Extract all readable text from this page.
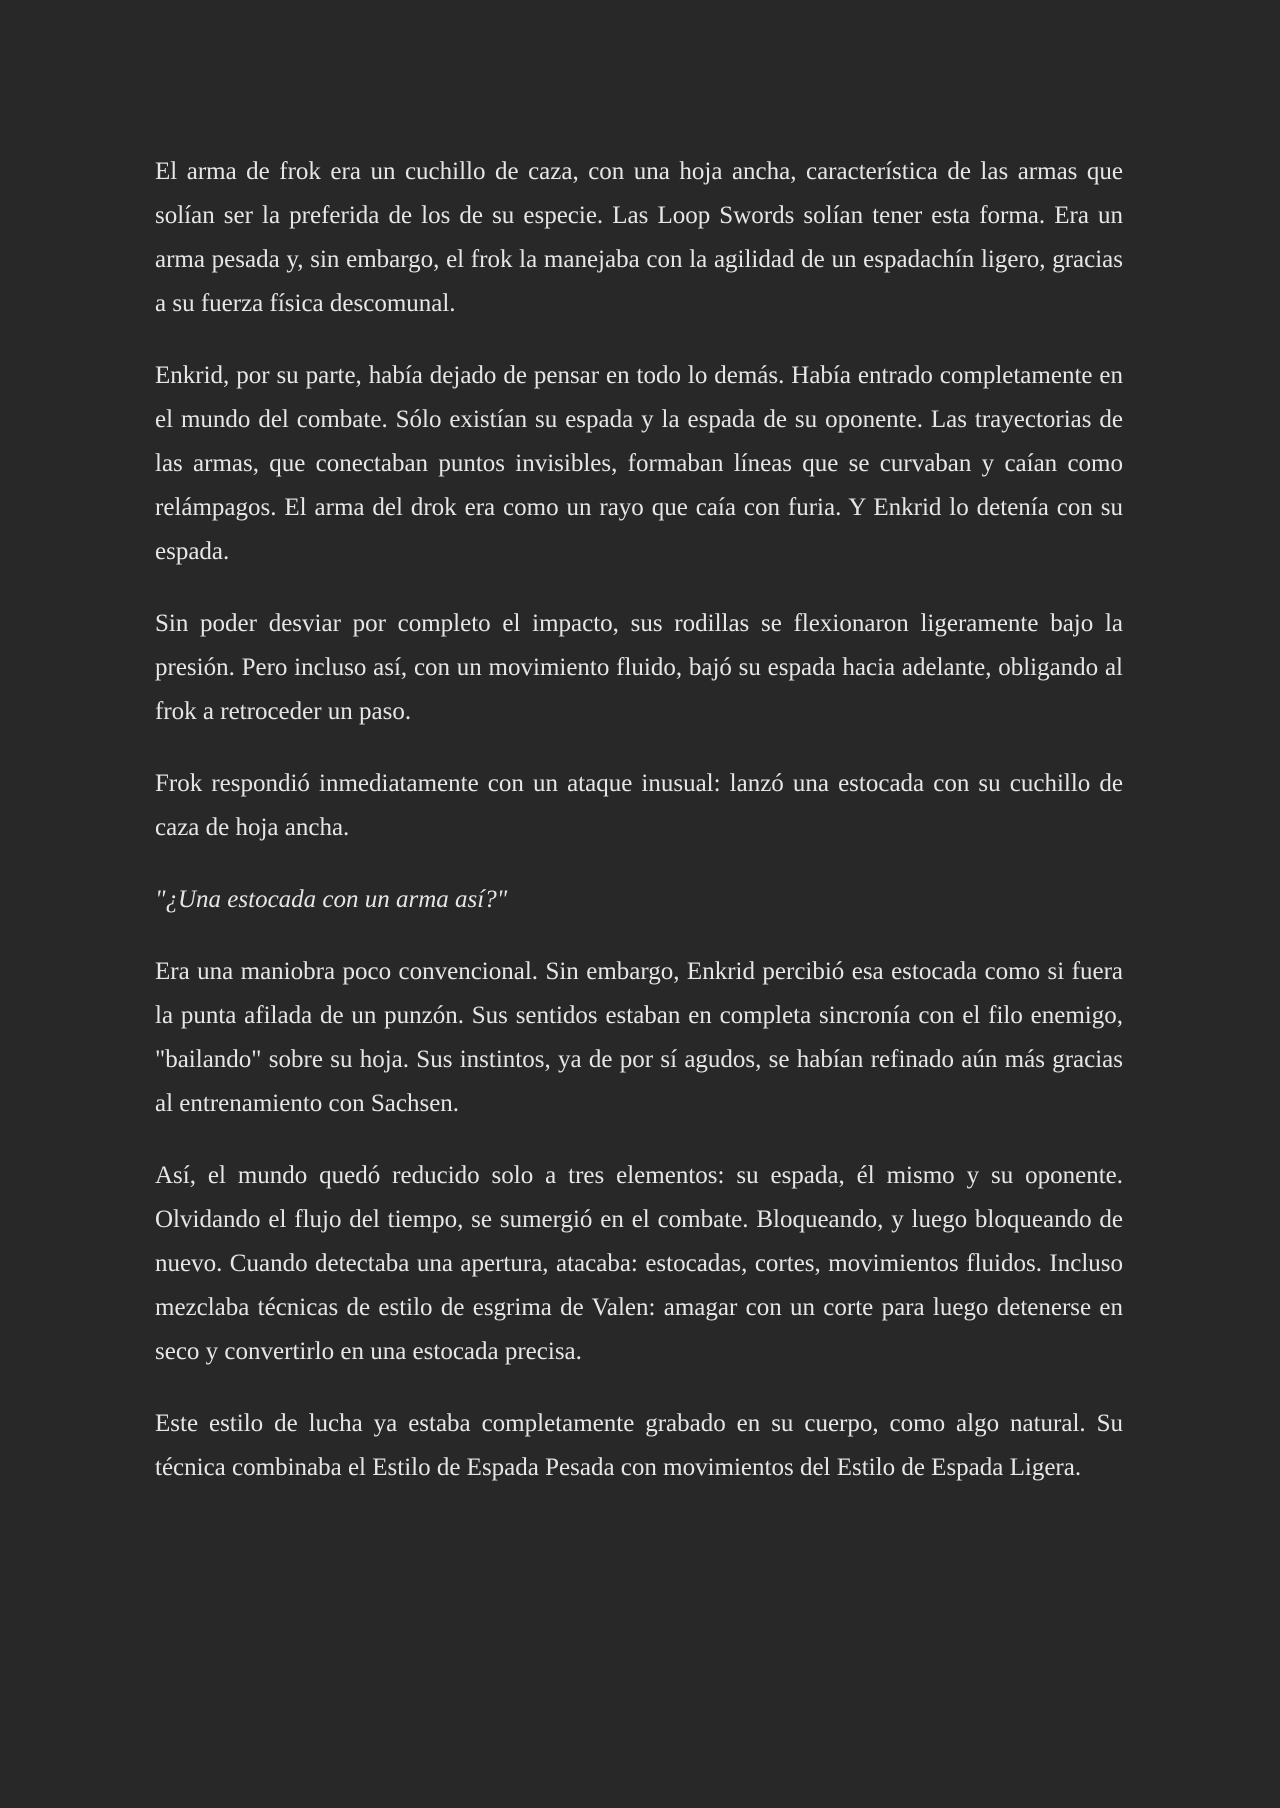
El arma de frok era un cuchillo de caza, con una hoja ancha, característica de las armas que solían ser la preferida de los de su especie. Las Loop Swords solían tener esta forma. Era un arma pesada y, sin embargo, el frok la manejaba con la agilidad de un espadachín ligero, gracias a su fuerza física descomunal.

Enkrid, por su parte, había dejado de pensar en todo lo demás. Había entrado completamente en el mundo del combate. Sólo existían su espada y la espada de su oponente. Las trayectorias de las armas, que conectaban puntos invisibles, formaban líneas que se curvaban y caían como relámpagos. El arma del drok era como un rayo que caía con furia. Y Enkrid lo detenía con su espada.

Sin poder desviar por completo el impacto, sus rodillas se flexionaron ligeramente bajo la presión. Pero incluso así, con un movimiento fluido, bajó su espada hacia adelante, obligando al frok a retroceder un paso.

Frok respondió inmediatamente con un ataque inusual: lanzó una estocada con su cuchillo de caza de hoja ancha.

"¿Una estocada con un arma así?"

Era una maniobra poco convencional. Sin embargo, Enkrid percibió esa estocada como si fuera la punta afilada de un punzón. Sus sentidos estaban en completa sincronía con el filo enemigo, "bailando" sobre su hoja. Sus instintos, ya de por sí agudos, se habían refinado aún más gracias al entrenamiento con Sachsen.

Así, el mundo quedó reducido solo a tres elementos: su espada, él mismo y su oponente. Olvidando el flujo del tiempo, se sumergió en el combate. Bloqueando, y luego bloqueando de nuevo. Cuando detectaba una apertura, atacaba: estocadas, cortes, movimientos fluidos. Incluso mezclaba técnicas de estilo de esgrima de Valen: amagar con un corte para luego detenerse en seco y convertirlo en una estocada precisa.

Este estilo de lucha ya estaba completamente grabado en su cuerpo, como algo natural. Su técnica combinaba el Estilo de Espada Pesada con movimientos del Estilo de Espada Ligera.
